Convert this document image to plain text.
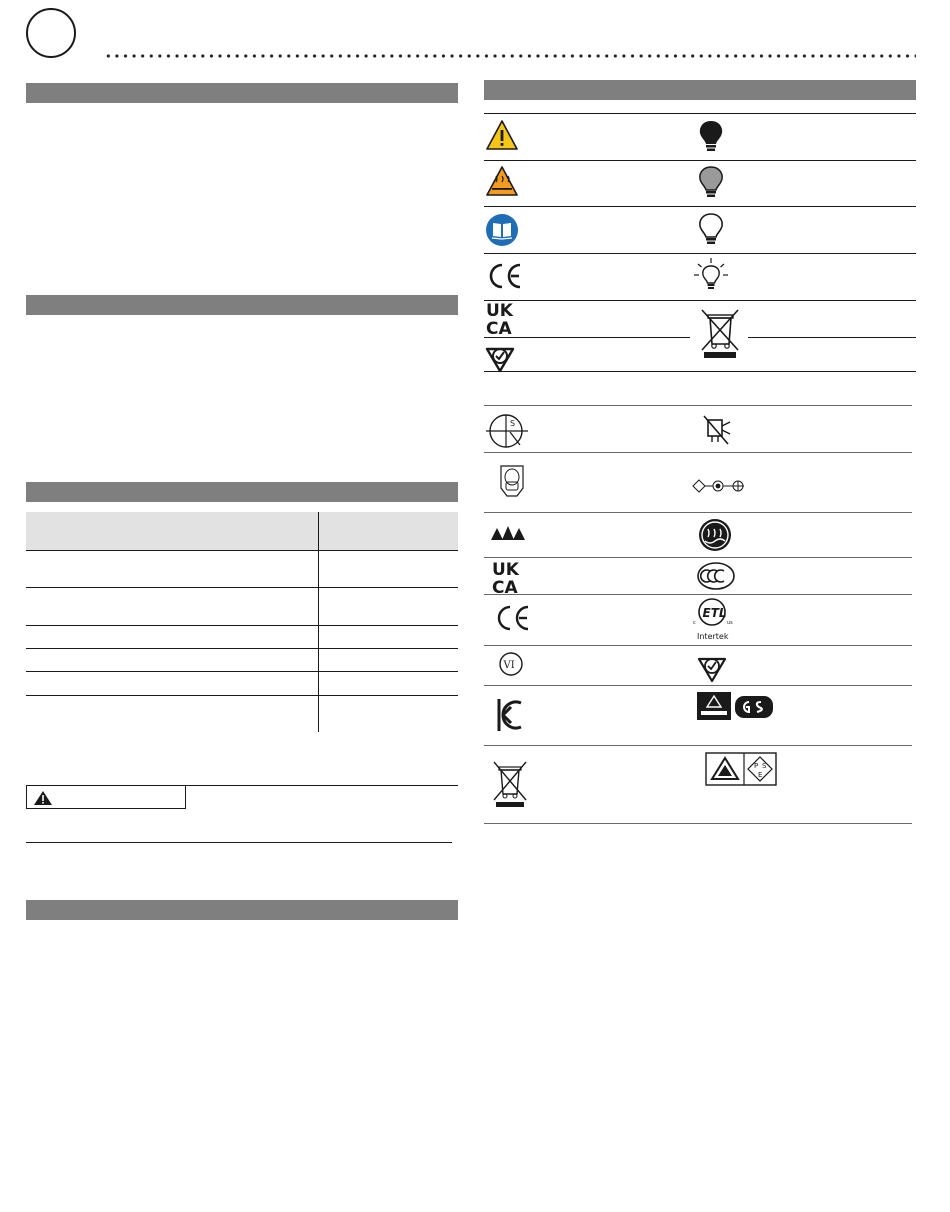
UK
CA
S
UK
CA
ETL
c	us
Intertek
VI
P S
E
